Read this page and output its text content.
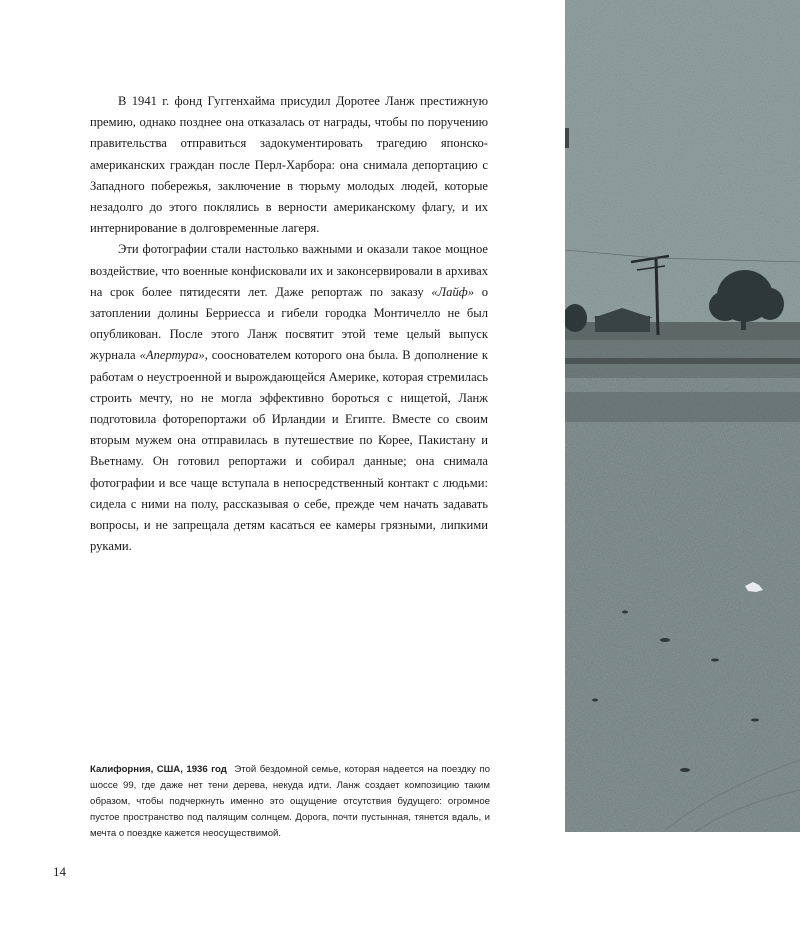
В 1941 г. фонд Гуггенхайма присудил Доротее Ланж престижную премию, однако позднее она отказалась от награды, чтобы по поручению правительства отправиться задокументировать трагедию японско-американских граждан после Перл-Харбора: она снимала депортацию с Западного побережья, заключение в тюрьму молодых людей, которые незадолго до этого поклялись в верности американскому флагу, и их интернирование в долговременные лагеря.

Эти фотографии стали настолько важными и оказали такое мощное воздействие, что военные конфисковали их и законсервировали в архивах на срок более пятидесяти лет. Даже репортаж по заказу «Лайф» о затоплении долины Берриесса и гибели городка Монтичелло не был опубликован. После этого Ланж посвятит этой теме целый выпуск журнала «Апертура», сооснователем которого она была. В дополнение к работам о неустроенной и вырождающейся Америке, которая стремилась строить мечту, но не могла эффективно бороться с нищетой, Ланж подготовила фоторепортажи об Ирландии и Египте. Вместе со своим вторым мужем она отправилась в путешествие по Корее, Пакистану и Вьетнаму. Он готовил репортажи и собирал данные; она снимала фотографии и все чаще вступала в непосредственный контакт с людьми: сидела с ними на полу, рассказывая о себе, прежде чем начать задавать вопросы, и не запрещала детям касаться ее камеры грязными, липкими руками.

Калифорния, США, 1936 год Этой бездомной семье, которая надеется на поездку по шоссе 99, где даже нет тени дерева, некуда идти. Ланж создает композицию таким образом, чтобы подчеркнуть именно это ощущение отсутствия будущего: огромное пустое пространство под палящим солнцем. Дорога, почти пустынная, тянется вдаль, и мечта о поездке кажется неосуществимой.
14
